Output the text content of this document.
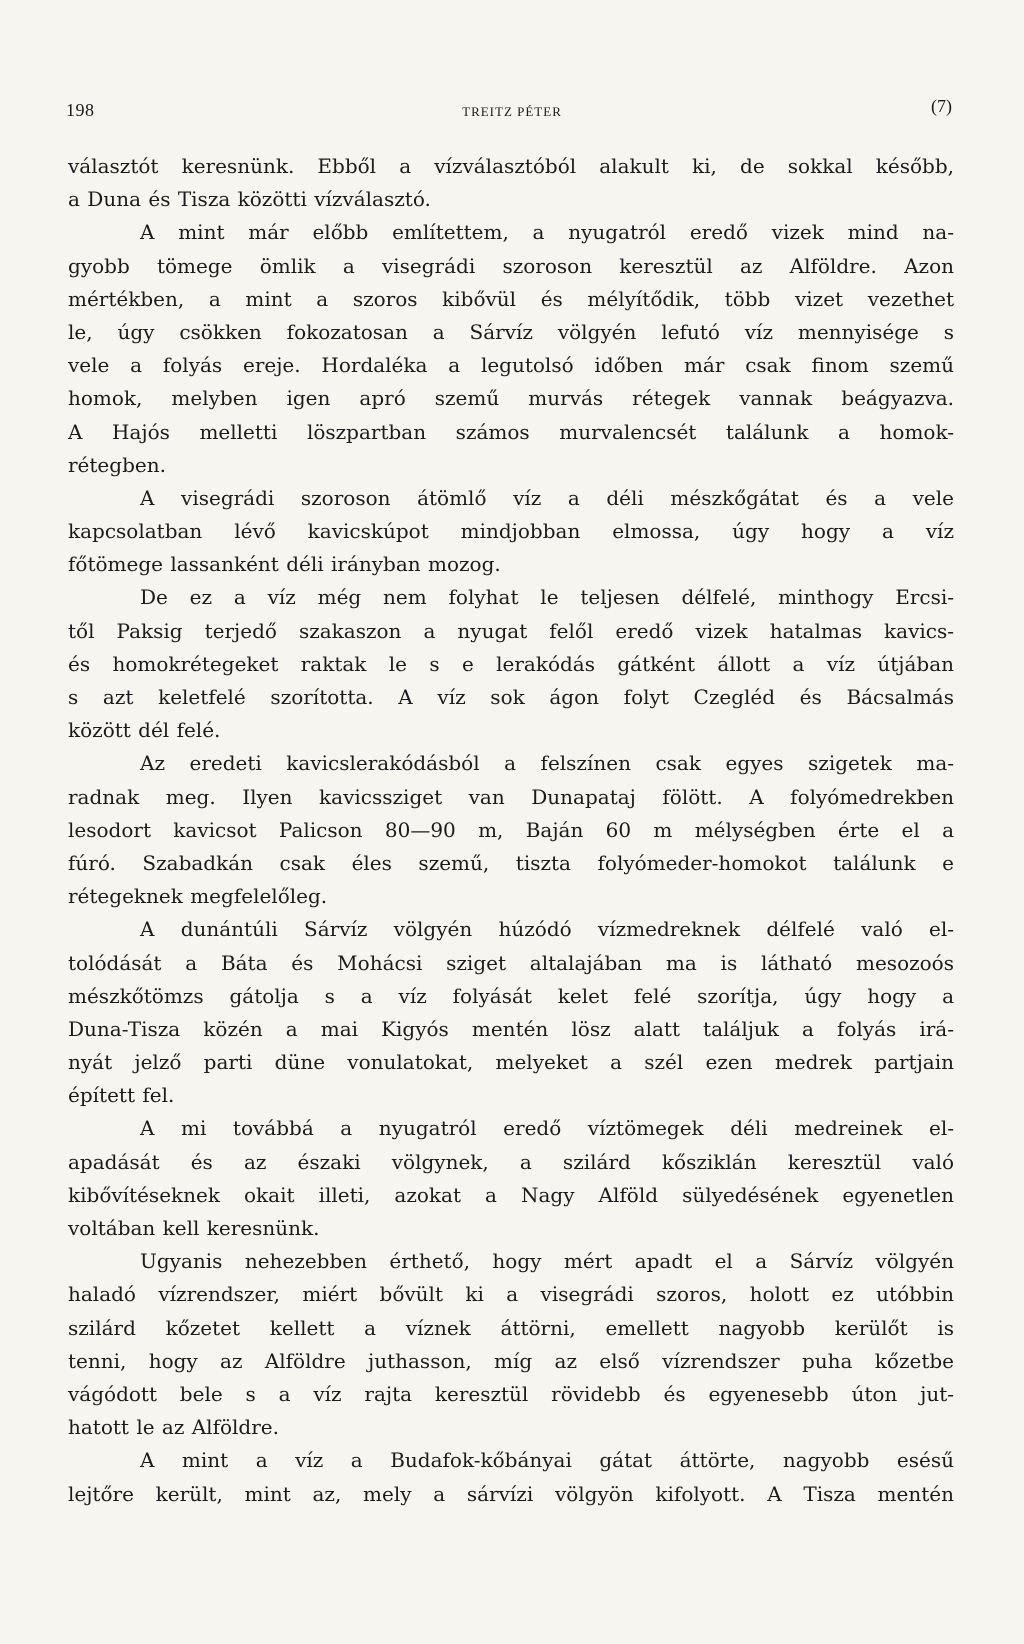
198	TREITZ PÉTER	(7)
választót keresnünk. Ebből a vízválasztóból alakult ki, de sokkal később,
a Duna és Tisza közötti vízválasztó.
A mint már előbb említettem, a nyugatról eredő vizek mind na-
gyobb tömege ömlik a visegrádi szoroson keresztül az Alföldre. Azon
mértékben, a mint a szoros kibővül és mélyítődik, több vizet vezethet
le, úgy csökken fokozatosan a Sárvíz völgyén lefutó víz mennyisége s
vele a folyás ereje. Hordaléka a legutolsó időben már csak finom szemű
homok, melyben igen apró szemű murvás rétegek vannak beágyazva.
A Hajós melletti löszpartban számos murvalencsét találunk a homok-
rétegben.
A visegrádi szoroson átömlő víz a déli mészkőgátat és a vele
kapcsolatban lévő kavicskúpot mindjobban elmossa, úgy hogy a víz
főtömege lassanként déli irányban mozog.
De ez a víz még nem folyhat le teljesen délfelé, minthogy Ercsi-
től Paksig terjedő szakaszon a nyugat felől eredő vizek hatalmas kavics-
és homokrétegeket raktak le s e lerakódás gátként állott a víz útjában
s azt keletfelé szorította. A víz sok ágon folyt Czegléd és Bácsalmás
között dél felé.
Az eredeti kavicslerakódásból a felszínen csak egyes szigetek ma-
radnak meg. Ilyen kavicssziget van Dunapataj fölött. A folyómedrekben
lesodort kavicsot Palicson 80—90 m, Baján 60 m mélységben érte el a
fúró. Szabadkán csak éles szemű, tiszta folyómeder-homokot találunk e
rétegeknek megfelelőleg.
A dunántúli Sárvíz völgyén húzódó vízmedreknek délfelé való el-
tolódását a Báta és Mohácsi sziget altalajában ma is látható mesozoós
mészkőtömzs gátolja s a víz folyását kelet felé szorítja, úgy hogy a
Duna-Tisza közén a mai Kigyós mentén lösz alatt találjuk a folyás irá-
nyát jelző parti düne vonulatokat, melyeket a szél ezen medrek partjain
épített fel.
A mi továbbá a nyugatról eredő víztömegek déli medreinek el-
apadását és az északi völgynek, a szilárd kősziklán keresztül való
kibővítéseknek okait illeti, azokat a Nagy Alföld sülyedésének egyenetlen
voltában kell keresnünk.
Ugyanis nehezebben érthető, hogy mért apadt el a Sárvíz völgyén
haladó vízrendszer, miért bővült ki a visegrádi szoros, holott ez utóbbin
szilárd kőzetet kellett a víznek áttörni, emellett nagyobb kerülőt is
tenni, hogy az Alföldre juthasson, míg az első vízrendszer puha kőzetbe
vágódott bele s a víz rajta keresztül rövidebb és egyenesebb úton jut-
hatott le az Alföldre.
A mint a víz a Budafok-kőbányai gátat áttörte, nagyobb esésű
lejtőre került, mint az, mely a sárvízi völgyön kifolyott. A Tisza mentén
